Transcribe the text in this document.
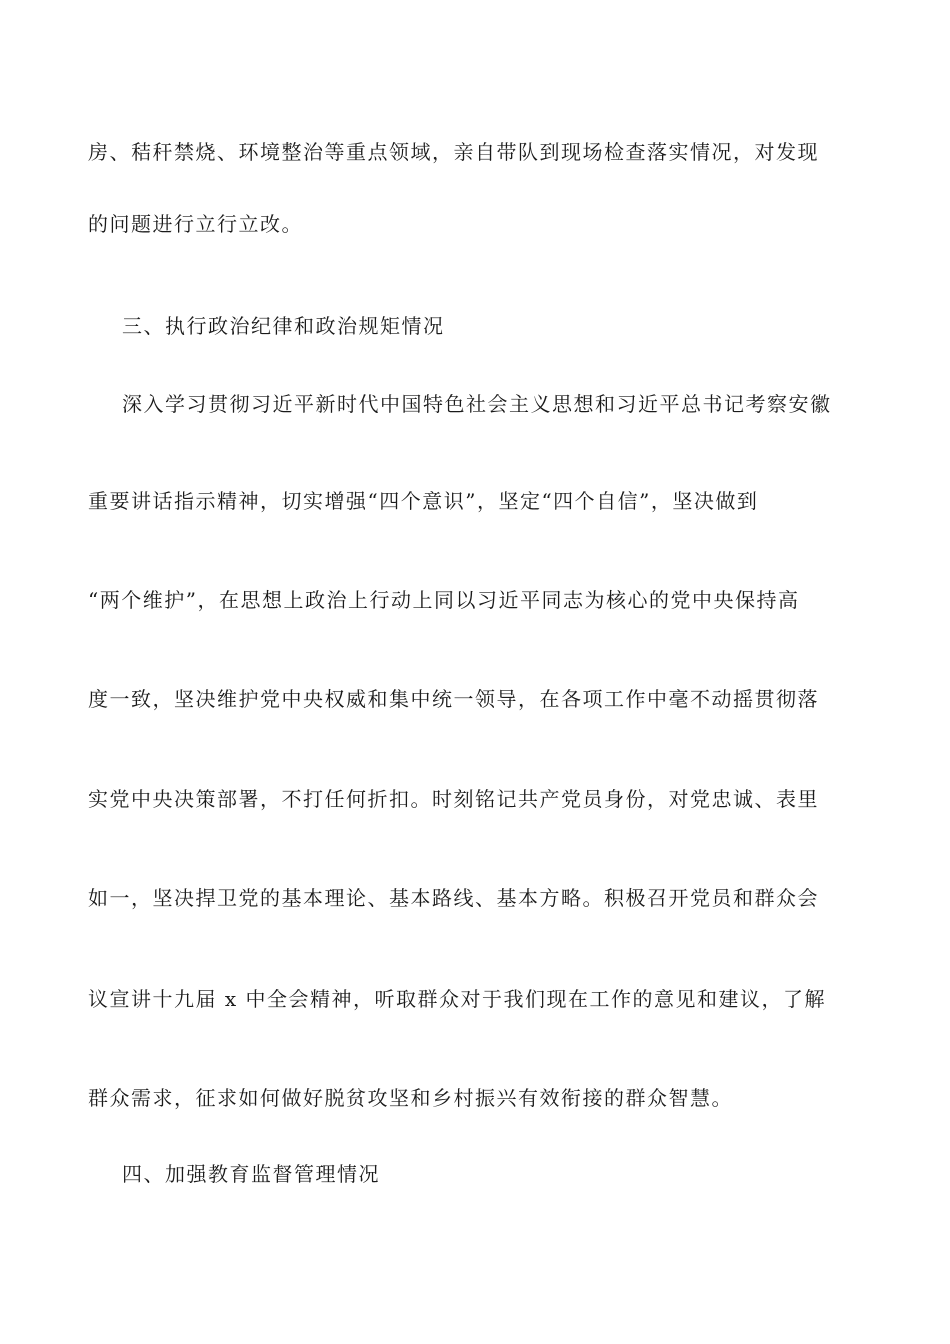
房、秸秆禁烧、环境整治等重点领域，亲自带队到现场检查落实情况，对发现
的问题进行立行立改。
三、执行政治纪律和政治规矩情况
深入学习贯彻习近平新时代中国特色社会主义思想和习近平总书记考察安徽
重要讲话指示精神，切实增强“四个意识”，坚定“四个自信”，坚决做到
“两个维护”，在思想上政治上行动上同以习近平同志为核心的党中央保持高
度一致，坚决维护党中央权威和集中统一领导，在各项工作中毫不动摇贯彻落
实党中央决策部署，不打任何折扣。时刻铭记共产党员身份，对党忠诚、表里
如一，坚决捍卫党的基本理论、基本路线、基本方略。积极召开党员和群众会
议宣讲十九届 x 中全会精神，听取群众对于我们现在工作的意见和建议，了解
群众需求，征求如何做好脱贫攻坚和乡村振兴有效衔接的群众智慧。
四、加强教育监督管理情况
